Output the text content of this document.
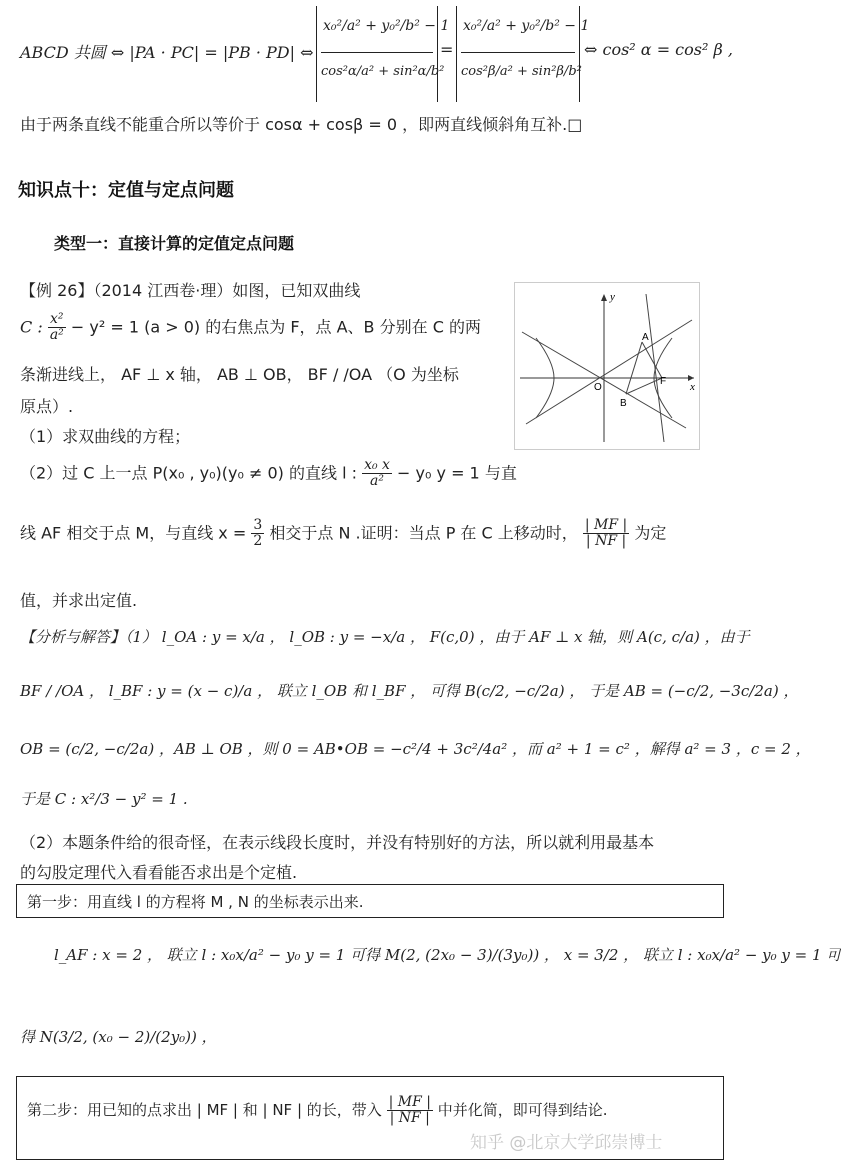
ABCD 共圆 ⇔ |PA · PC| = |PB · PD| ⇔
x₀²/a² + y₀²/b² − 1
cos²α/a² + sin²α/b²
=
x₀²/a² + y₀²/b² − 1
cos²β/a² + sin²β/b²
⇔ cos² α = cos² β ,
由于两条直线不能重合所以等价于 cosα + cosβ = 0 ，即两直线倾斜角互补.□
知识点十：定值与定点问题
类型一：直接计算的定值定点问题
【例 26】（2014 江西卷·理）如图，已知双曲线
C : $\frac{\text{x²}}{\text{a²}} - y^2 = 1$ (a > 0) 的右焦点为 F，点 A、B 分别在 C 的两
条渐进线上， AF ⊥ x 轴， AB ⊥ OB， BF / /OA （O 为坐标
原点）.
（1）求双曲线的方程；
（2）过 C 上一点 P(x₀ , y₀)(y₀ ≠ 0) 的直线 l : $\frac{\text{x₀ x}}{\text{a²}} - y_0$ y = 1 与直
线 AF 相交于点 M，与直线 $x = \frac{3}{2}$ 相交于点 N .证明：当点 P 在 C 上移动时， $\frac{| MF |}{| NF |}$ 为定
值，并求出定值.
y
x
O
A
B
F
【分析与解答】（1） l_OA : y = x/a ， l_OB : y = −x/a ， F(c,0) ，由于 AF ⊥ x 轴，则 A(c, c/a) ，由于
BF / /OA ， l_BF : y = (x − c)/a ， 联立 l_OB 和 l_BF ， 可得 B(c/2, −c/2a) ， 于是 AB = (−c/2, −3c/2a) ，
OB = (c/2, −c/2a) ，AB ⊥ OB ，则 0 = AB•OB = −c²/4 + 3c²/4a² ，而 a² + 1 = c² ，解得 a² = 3 ，c = 2 ，
于是 C : x²/3 − y² = 1 .
（2）本题条件给的很奇怪，在表示线段长度时，并没有特别好的方法，所以就利用最基本
的勾股定理代入看看能否求出是个定植.
第一步：用直线 l 的方程将 M , N 的坐标表示出来.
l_AF : x = 2 ， 联立 l : x₀x/a² − y₀ y = 1 可得 M(2, (2x₀ − 3)/(3y₀)) ， x = 3/2 ， 联立 l : x₀x/a² − y₀ y = 1 可
得 N(3/2, (x₀ − 2)/(2y₀)) ，
第二步：用已知的点求出 | MF | 和 | NF | 的长，带入 $\frac{| MF |}{| NF |}$ 中并化简，即可得到结论.
知乎 @北京大学邱崇博士
